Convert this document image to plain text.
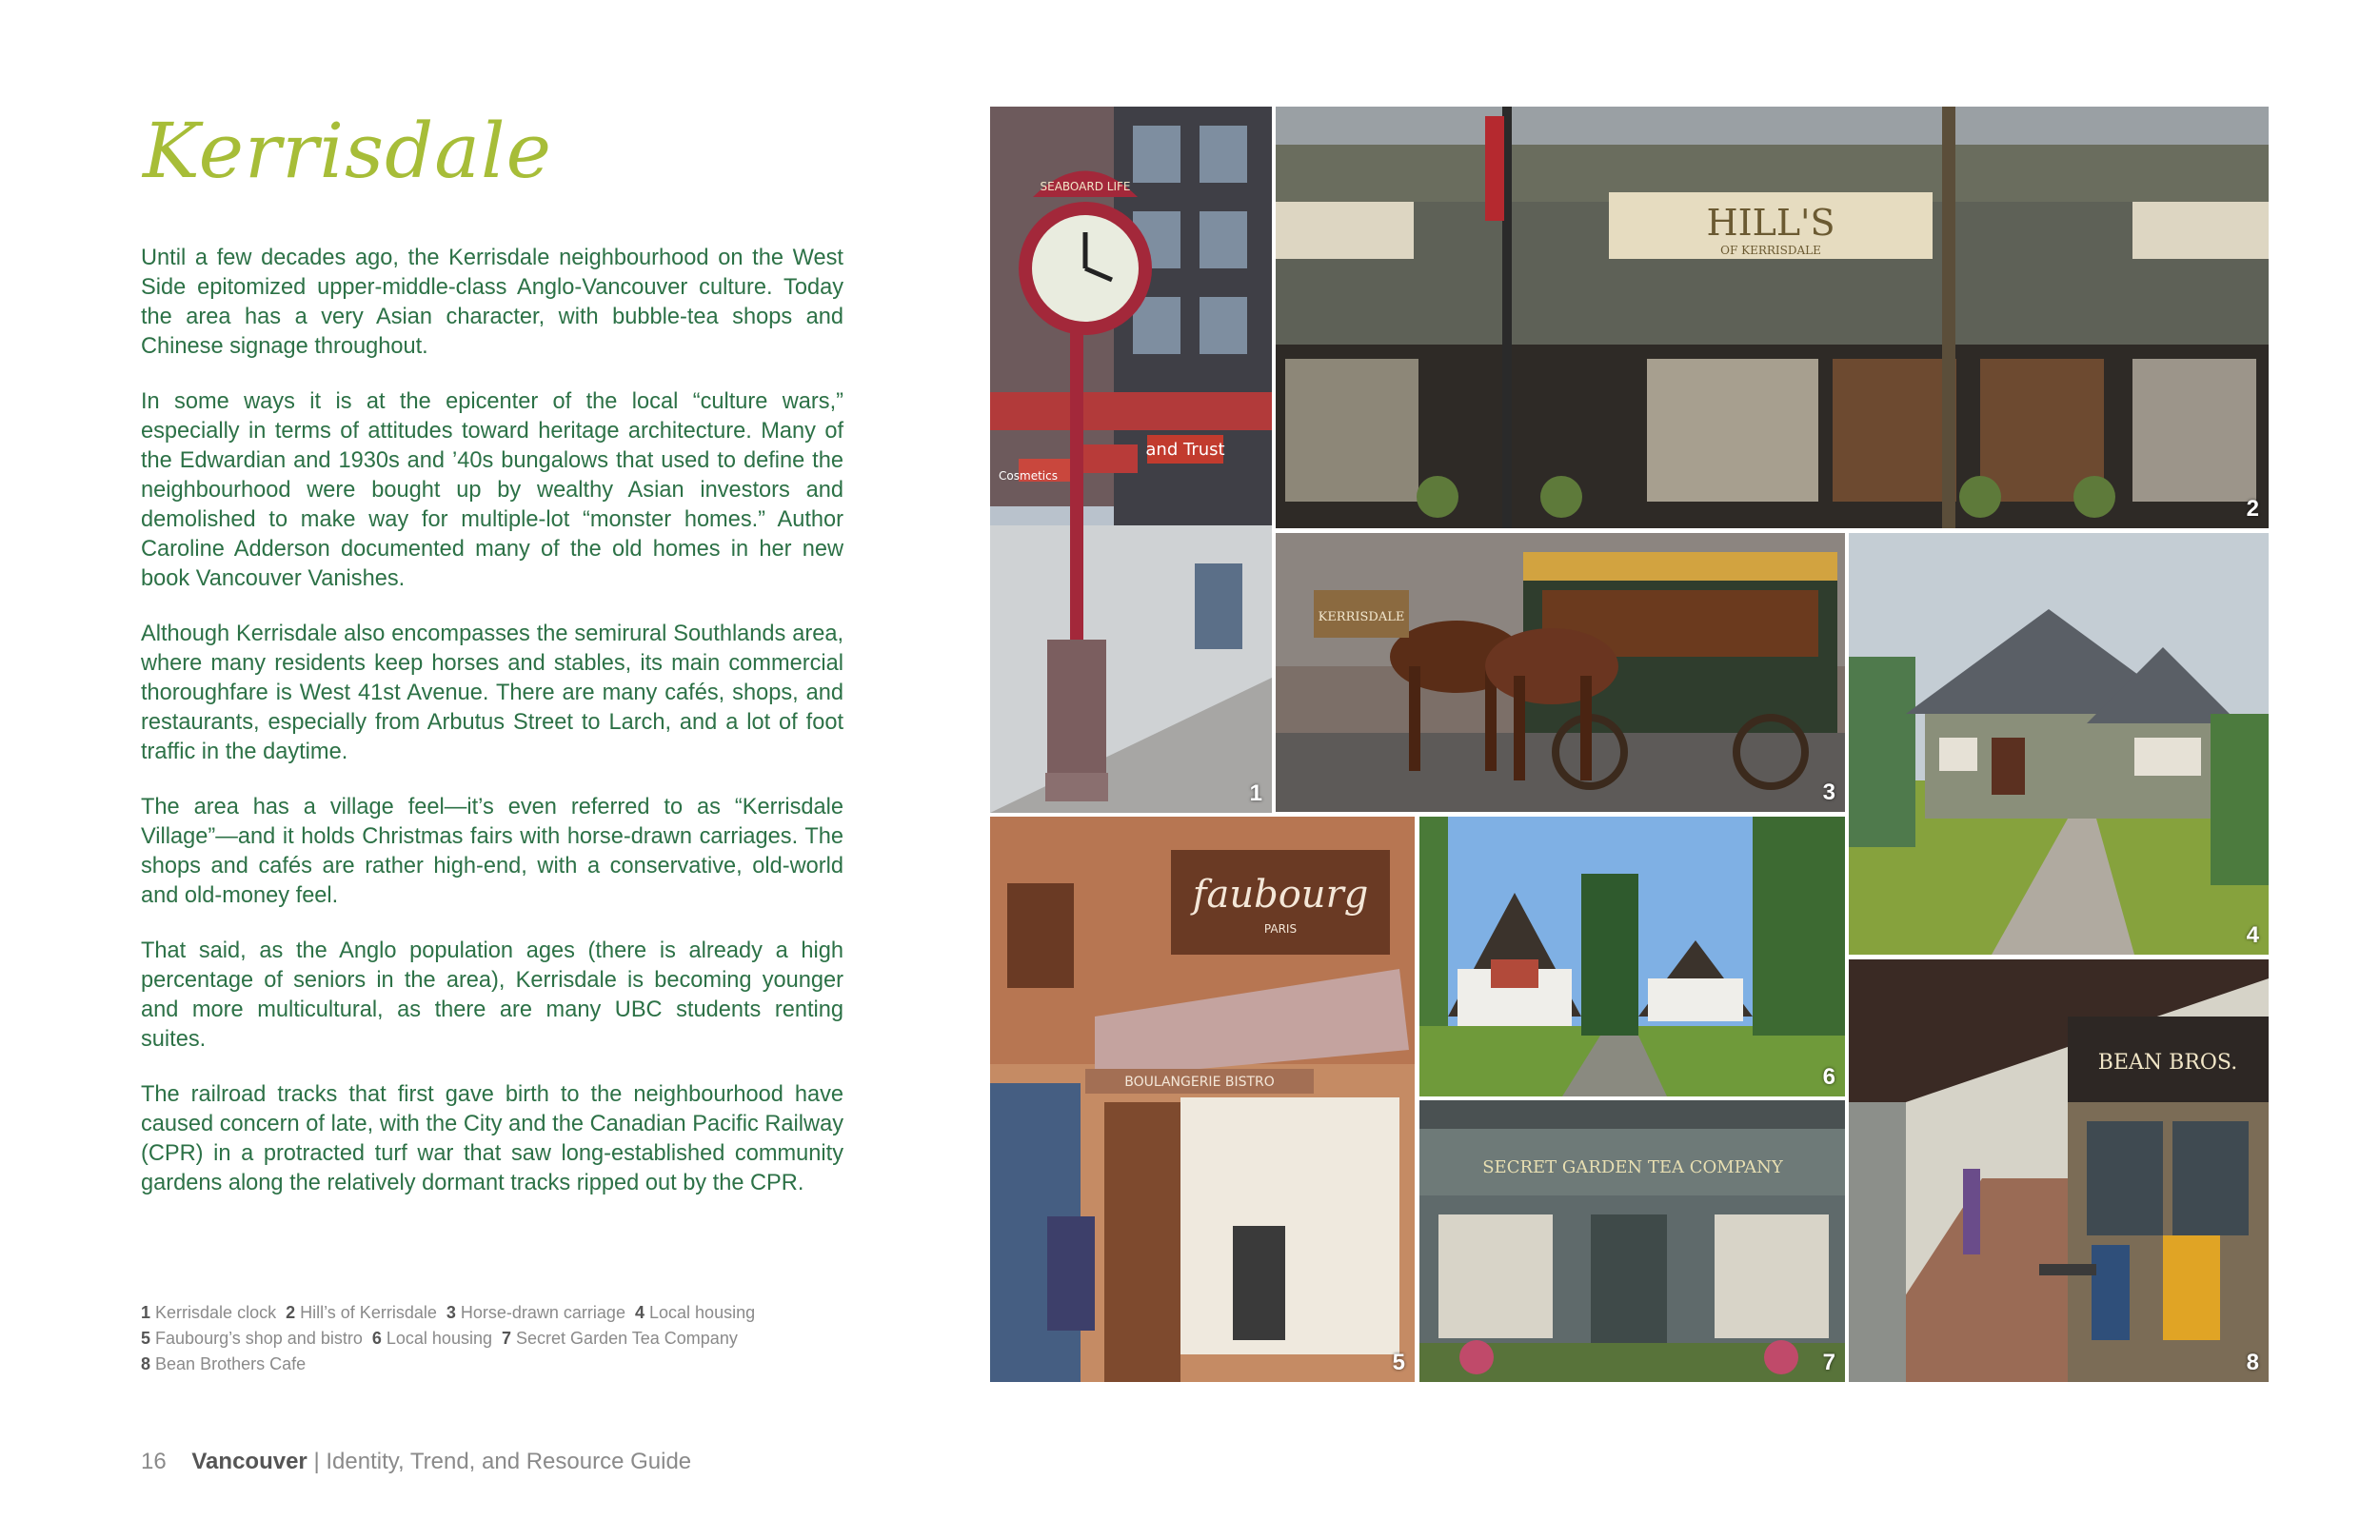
Kerrisdale

Until a few decades ago, the Kerrisdale neighbourhood on the West Side epitomized upper-middle-class Anglo-Vancouver culture. Today the area has a very Asian character, with bubble-tea shops and Chinese signage throughout.

In some ways it is at the epicenter of the local “culture wars,” especially in terms of attitudes toward heritage architecture. Many of the Edwardian and 1930s and ’40s bungalows that used to define the neighbourhood were bought up by wealthy Asian investors and demolished to make way for multiple-lot “monster homes.” Author Caroline Adderson documented many of the old homes in her new book Vancouver Vanishes.

Although Kerrisdale also encompasses the semirural Southlands area, where many residents keep horses and stables, its main commercial thoroughfare is West 41st Avenue. There are many cafés, shops, and restaurants, especially from Arbutus Street to Larch, and a lot of foot traffic in the daytime.

The area has a village feel—it’s even referred to as “Kerrisdale Village”—and it holds Christmas fairs with horse-drawn carriages. The shops and cafés are rather high-end, with a conservative, old-world and old-money feel.

That said, as the Anglo population ages (there is already a high percentage of seniors in the area), Kerrisdale is becoming younger and more multicultural, as there are many UBC students renting suites.

The railroad tracks that first gave birth to the neighbourhood have caused concern of late, with the City and the Canadian Pacific Railway (CPR) in a protracted turf war that saw long-established community gardens along the relatively dormant tracks ripped out by the CPR.

1 Kerrisdale clock 2 Hill’s of Kerrisdale 3 Horse-drawn carriage 4 Local housing
5 Faubourg’s shop and bistro 6 Local housing 7 Secret Garden Tea Company
8 Bean Brothers Cafe
16 Vancouver | Identity, Trend, and Resource Guide
SEABOARD LIFE
Cosmetics
and Trust
1
HILL'S
OF KERRISDALE
2
KERRISDALE
3
4
faubourg
PARIS
BOULANGERIE BISTRO
5
6
SECRET GARDEN TEA COMPANY
7
BEAN BROS.
8
